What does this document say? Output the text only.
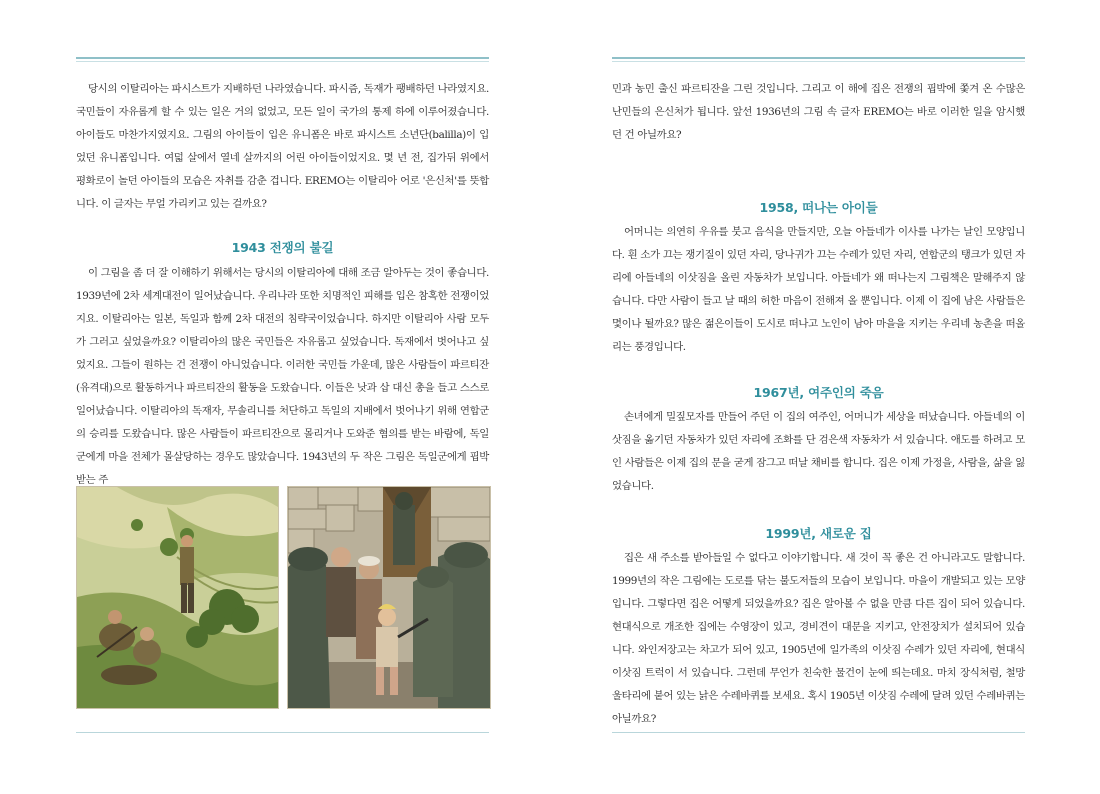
당시의 이탈리아는 파시스트가 지배하던 나라였습니다. 파시즘, 독재가 팽배하던 나라였지요. 국민들이 자유롭게 할 수 있는 일은 거의 없었고, 모든 일이 국가의 통제 하에 이루어졌습니다. 아이들도 마찬가지였지요. 그림의 아이들이 입은 유니폼은 바로 파시스트 소년단(balilla)이 입었던 유니폼입니다. 여덟 살에서 열네 살까지의 어린 아이들이었지요. 몇 년 전, 집가뒤 위에서 평화로이 놀던 아이들의 모습은 자취를 감춘 겁니다. EREMO는 이탈리아 어로 '은신처'를 뜻합니다. 이 글자는 무얼 가리키고 있는 걸까요?

1943 전쟁의 불길

이 그림을 좀 더 잘 이해하기 위해서는 당시의 이탈리아에 대해 조금 알아두는 것이 좋습니다. 1939년에 2차 세계대전이 일어났습니다. 우리나라 또한 치명적인 피해를 입은 참혹한 전쟁이었지요. 이탈리아는 일본, 독일과 함께 2차 대전의 침략국이었습니다. 하지만 이탈리아 사람 모두가 그러고 싶었을까요? 이탈리아의 많은 국민들은 자유롭고 싶었습니다. 독재에서 벗어나고 싶었지요. 그들이 원하는 건 전쟁이 아니었습니다. 이러한 국민들 가운데, 많은 사람들이 파르티잔(유격대)으로 활동하거나 파르티잔의 활동을 도왔습니다. 이들은 낫과 삽 대신 총을 들고 스스로 일어났습니다. 이탈리아의 독재자, 무솔리니를 처단하고 독일의 지배에서 벗어나기 위해 연합군의 승리를 도왔습니다. 많은 사람들이 파르티잔으로 몰리거나 도와준 혐의를 받는 바람에, 독일군에게 마을 전체가 몰살당하는 경우도 많았습니다. 1943년의 두 작은 그림은 독일군에게 핍박받는 주

민과 농민 출신 파르티잔을 그린 것입니다. 그리고 이 해에 집은 전쟁의 핍박에 쫓겨 온 수많은 난민들의 은신처가 됩니다. 앞선 1936년의 그림 속 글자 EREMO는 바로 이러한 일을 암시했던 건 아닐까요?

1958, 떠나는 아이들

어머니는 의연히 우유를 붓고 음식을 만들지만, 오늘 아들네가 이사를 나가는 날인 모양입니다. 흰 소가 끄는 쟁기질이 있던 자리, 당나귀가 끄는 수레가 있던 자리, 연합군의 탱크가 있던 자리에 아들네의 이삿짐을 올린 자동차가 보입니다. 아들네가 왜 떠나는지 그림책은 말해주지 않습니다. 다만 사람이 들고 날 때의 허한 마음이 전해져 올 뿐입니다. 이제 이 집에 남은 사람들은 몇이나 될까요? 많은 젊은이들이 도시로 떠나고 노인이 남아 마을을 지키는 우리네 농촌을 떠올리는 풍경입니다.

1967년, 여주인의 죽음

손녀에게 밀짚모자를 만들어 주던 이 집의 여주인, 어머니가 세상을 떠났습니다. 아들네의 이삿짐을 옮기던 자동차가 있던 자리에 조화를 단 검은색 자동차가 서 있습니다. 애도를 하려고 모인 사람들은 이제 집의 문을 굳게 잠그고 떠날 채비를 합니다. 집은 이제 가정을, 사람을, 삶을 잃었습니다.

1999년, 새로운 집

집은 새 주소를 받아들일 수 없다고 이야기합니다. 새 것이 꼭 좋은 건 아니라고도 말합니다. 1999년의 작은 그림에는 도로를 닦는 불도저들의 모습이 보입니다. 마을이 개발되고 있는 모양입니다. 그렇다면 집은 어떻게 되었을까요? 집은 알아볼 수 없을 만큼 다른 집이 되어 있습니다. 현대식으로 개조한 집에는 수영장이 있고, 경비견이 대문을 지키고, 안전장치가 설치되어 있습니다. 와인저장고는 차고가 되어 있고, 1905년에 일가족의 이삿짐 수레가 있던 자리에, 현대식 이삿짐 트럭이 서 있습니다. 그런데 무언가 친숙한 물건이 눈에 띄는데요. 마치 장식처럼, 철망 울타리에 붙어 있는 낡은 수레바퀴를 보세요. 혹시 1905년 이삿짐 수레에 달려 있던 수레바퀴는 아닐까요?
